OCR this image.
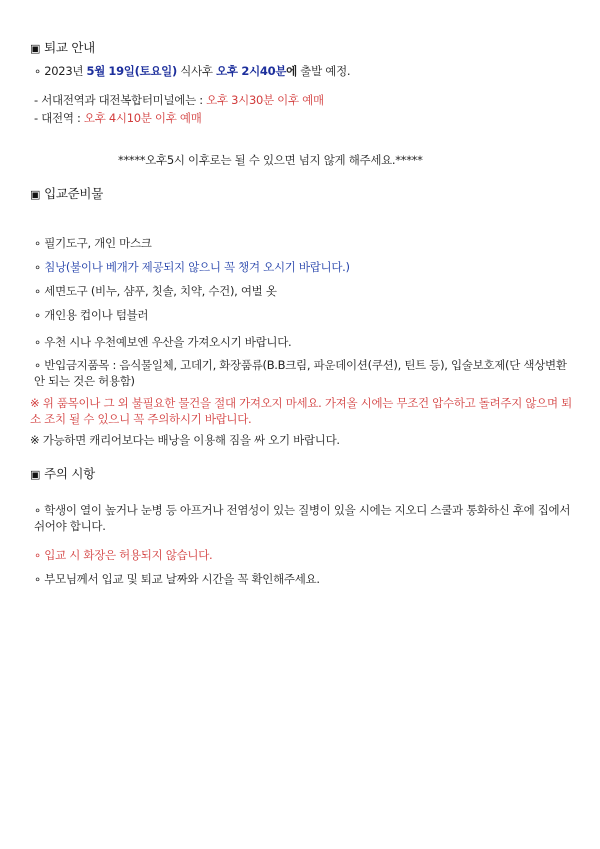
▣ 퇴교 안내
∘ 2023년 5월 19일(토요일) 식사후 오후 2시40분에 출발 예정.
- 서대전역과 대전복합터미널에는 : 오후 3시30분 이후 예매
- 대전역 : 오후 4시10분 이후 예매
*****오후5시 이후로는 될 수 있으면 넘지 않게 해주세요.*****
▣ 입교준비물
∘ 필기도구, 개인 마스크
∘ 침낭(불이나 베개가 제공되지 않으니 꼭 챙겨 오시기 바랍니다.)
∘ 세면도구 (비누, 샴푸, 칫솔, 치약, 수건), 여벌 옷
∘ 개인용 컵이나 텀블러
∘ 우천 시나 우천예보엔 우산을 가져오시기 바랍니다.
∘ 반입금지품목 : 음식물일체, 고데기, 화장품류(B.B크림, 파운데이션(쿠션), 틴트 등), 입술보호제(단 색상변환 안 되는 것은 허용함)
※ 위 품목이나 그 외 불필요한 물건을 절대 가져오지 마세요. 가져올 시에는 무조건 압수하고 돌려주지 않으며 퇴소 조치 될 수 있으니 꼭 주의하시기 바랍니다.
※ 가능하면 캐리어보다는 배낭을 이용해 짐을 싸 오기 바랍니다.
▣ 주의 시항
∘ 학생이 열이 높거나 눈병 등 아프거나 전염성이 있는 질병이 있을 시에는 지오디 스쿨과 통화하신 후에 집에서 쉬어야 합니다.
∘ 입교 시 화장은 허용되지 않습니다.
∘ 부모님께서 입교 및 퇴교 날짜와 시간을 꼭 확인해주세요.
